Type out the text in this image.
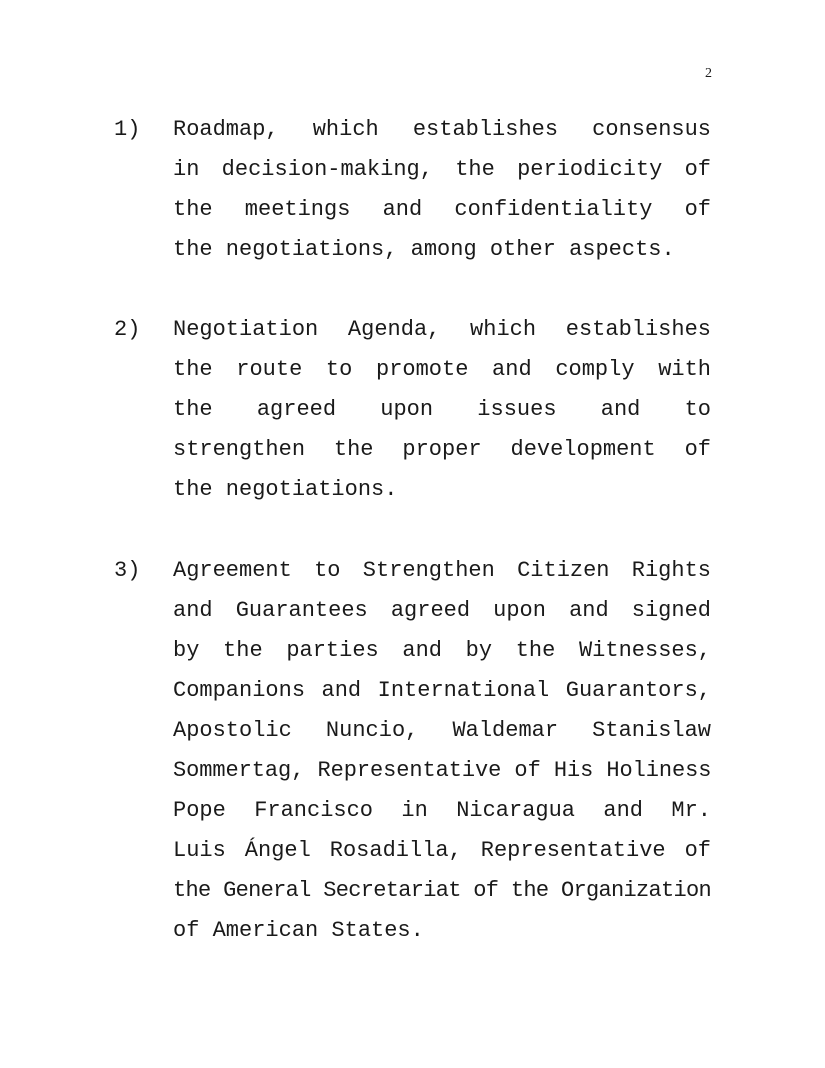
2
1) Roadmap, which establishes consensus
in decision-making, the periodicity of
the meetings and confidentiality of
the negotiations, among other aspects.
2) Negotiation Agenda, which establishes
the route to promote and comply with
the agreed upon issues and to
strengthen the proper development of
the negotiations.
3) Agreement to Strengthen Citizen Rights
and Guarantees agreed upon and signed
by the parties and by the Witnesses,
Companions and International Guarantors,
Apostolic Nuncio, Waldemar Stanislaw
Sommertag, Representative of His Holiness
Pope Francisco in Nicaragua and Mr.
Luis Ángel Rosadilla, Representative of
the General Secretariat of the Organization
of American States.
